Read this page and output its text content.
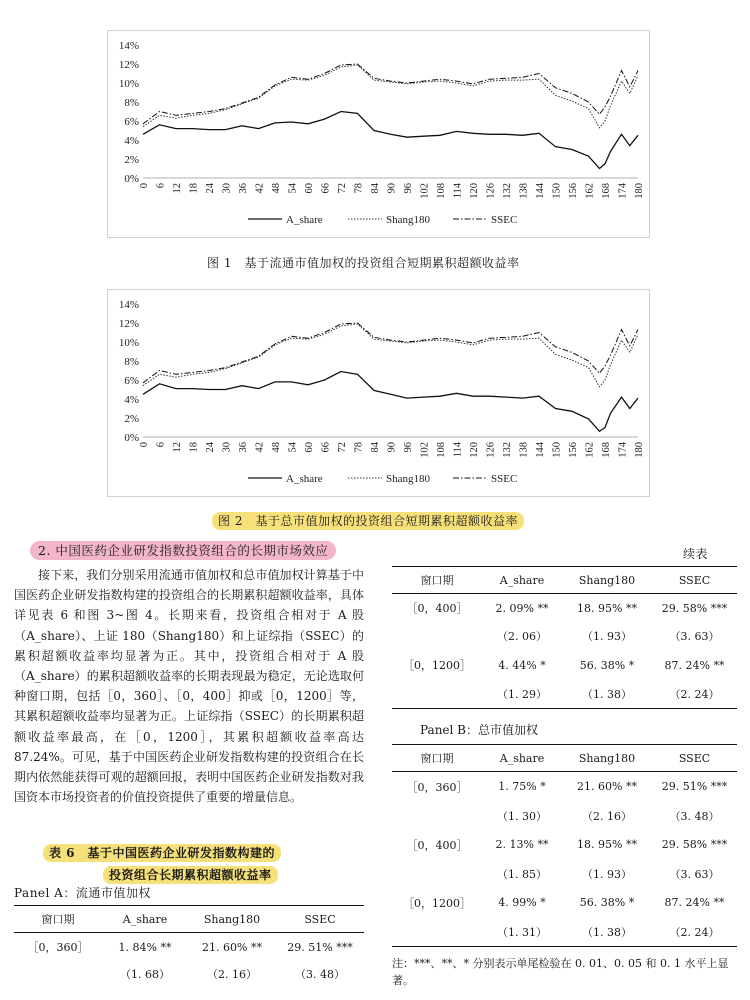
14%
12%
10%
8%
6%
4%
2%
0%
0 6 12 18 24 30 36 42 48 54 60 66 72 78 84 90 96 102 108 114 120 126 132 138 144 150 156 162 168 174 180
A_share	Shang180	SSEC
图 1　基于流通市值加权的投资组合短期累积超额收益率
14%
12%
10%
8%
6%
4%
2%
0%
0 6 12 18 24 30 36 42 48 54 60 66 72 78 84 90 96 102 108 114 120 126 132 138 144 150 156 162 168 174 180
A_share	Shang180	SSEC
图 2　基于总市值加权的投资组合短期累积超额收益率
2. 中国医药企业研发指数投资组合的长期市场效应
接下来，我们分别采用流通市值加权和总市值加权计算基于中国医药企业研发指数构建的投资组合的长期累积超额收益率，具体详见表 6 和图 3~图 4。长期来看，投资组合相对于 A 股（A_share）、上证 180（Shang180）和上证综指（SSEC）的累积超额收益率均显著为正。其中，投资组合相对于 A 股（A_share）的累积超额收益率的长期表现最为稳定，无论选取何种窗口期，包括［0，360］、［0，400］抑或［0，1200］等，其累积超额收益率均显著为正。上证综指（SSEC）的长期累积超额收益率最高，在［0，1200］，其累积超额收益率高达 87.24%。可见，基于中国医药企业研发指数构建的投资组合在长期内依然能获得可观的超额回报，表明中国医药企业研发指数对我国资本市场投资者的价值投资提供了重要的增量信息。
表 6　基于中国医药企业研发指数构建的
投资组合长期累积超额收益率
Panel A：流通市值加权
窗口期	A_share	Shang180	SSEC
［0，360］	1. 84% **	21. 60% **	29. 51% ***
	（1. 68）	（2. 16）	（3. 48）
续表
窗口期	A_share	Shang180	SSEC
［0，400］	2. 09% **	18. 95% **	29. 58% ***
	（2. 06）	（1. 93）	（3. 63）
［0，1200］	4. 44% *	56. 38% *	87. 24% **
	（1. 29）	（1. 38）	（2. 24）
Panel B：总市值加权
窗口期	A_share	Shang180	SSEC
［0，360］	1. 75% *	21. 60% **	29. 51% ***
	（1. 30）	（2. 16）	（3. 48）
［0，400］	2. 13% **	18. 95% **	29. 58% ***
	（1. 85）	（1. 93）	（3. 63）
［0，1200］	4. 99% *	56. 38% *	87. 24% **
	（1. 31）	（1. 38）	（2. 24）
注：***、**、* 分别表示单尾检验在 0. 01、0. 05 和 0. 1 水平上显著。
